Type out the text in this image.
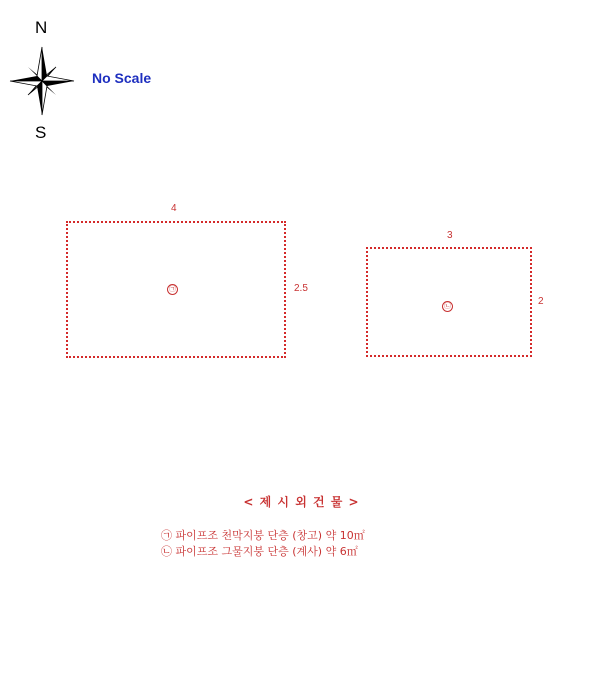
N
S
No Scale
4
2.5
㉠
3
2
㉡
< 제 시 외 건 물 >
㉠ 파이프조 천막지붕 단층 (창고) 약 10㎡
㉡ 파이프조 그물지붕 단층 (계사) 약 6㎡
